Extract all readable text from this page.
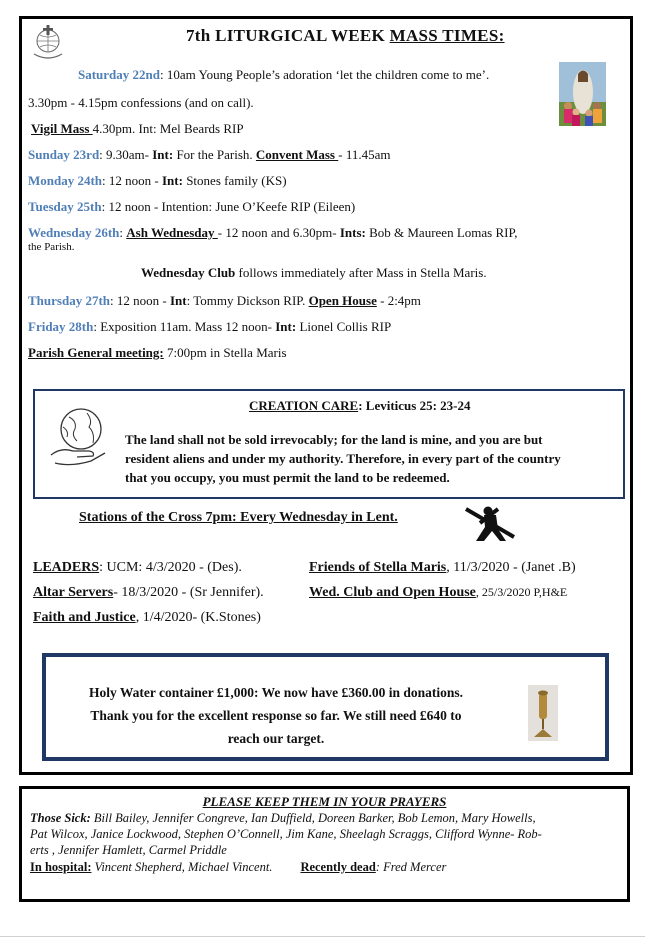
7th LITURGICAL WEEK MASS TIMES:
Saturday 22nd: 10am Young People’s adoration ‘let the children come to me’.
3.30pm - 4.15pm confessions (and on call).
Vigil Mass 4.30pm. Int: Mel Beards RIP
Sunday 23rd: 9.30am- Int: For the Parish. Convent Mass - 11.45am
Monday 24th: 12 noon - Int: Stones family (KS)
Tuesday 25th: 12 noon - Intention: June O’Keefe RIP (Eileen)
Wednesday 26th: Ash Wednesday - 12 noon and 6.30pm- Ints: Bob & Maureen Lomas RIP,
the Parish.
Wednesday Club follows immediately after Mass in Stella Maris.
Thursday 27th: 12 noon - Int: Tommy Dickson RIP. Open House - 2:4pm
Friday 28th: Exposition 11am. Mass 12 noon- Int: Lionel Collis RIP
Parish General meeting: 7:00pm in Stella Maris
CREATION CARE: Leviticus 25: 23-24
The land shall not be sold irrevocably; for the land is mine, and you are but
resident aliens and under my authority. Therefore, in every part of the country
that you occupy, you must permit the land to be redeemed.
Stations of the Cross 7pm: Every Wednesday in Lent.
LEADERS: UCM: 4/3/2020 - (Des).	Friends of Stella Maris, 11/3/2020 - (Janet .B)
Altar Servers- 18/3/2020 - (Sr Jennifer).	Wed. Club and Open House, 25/3/2020 P,H&E
Faith and Justice, 1/4/2020- (K.Stones)
Holy Water container £1,000: We now have £360.00 in donations.
Thank you for the excellent response so far. We still need £640 to
reach our target.
PLEASE KEEP THEM IN YOUR PRAYERS
Those Sick: Bill Bailey, Jennifer Congreve, Ian Duffield, Doreen Barker, Bob Lemon, Mary Howells,
Pat Wilcox, Janice Lockwood, Stephen O’Connell, Jim Kane, Sheelagh Scraggs, Clifford Wynne- Rob-
erts , Jennifer Hamlett, Carmel Priddle
In hospital: Vincent Shepherd, Michael Vincent. Recently dead: Fred Mercer
